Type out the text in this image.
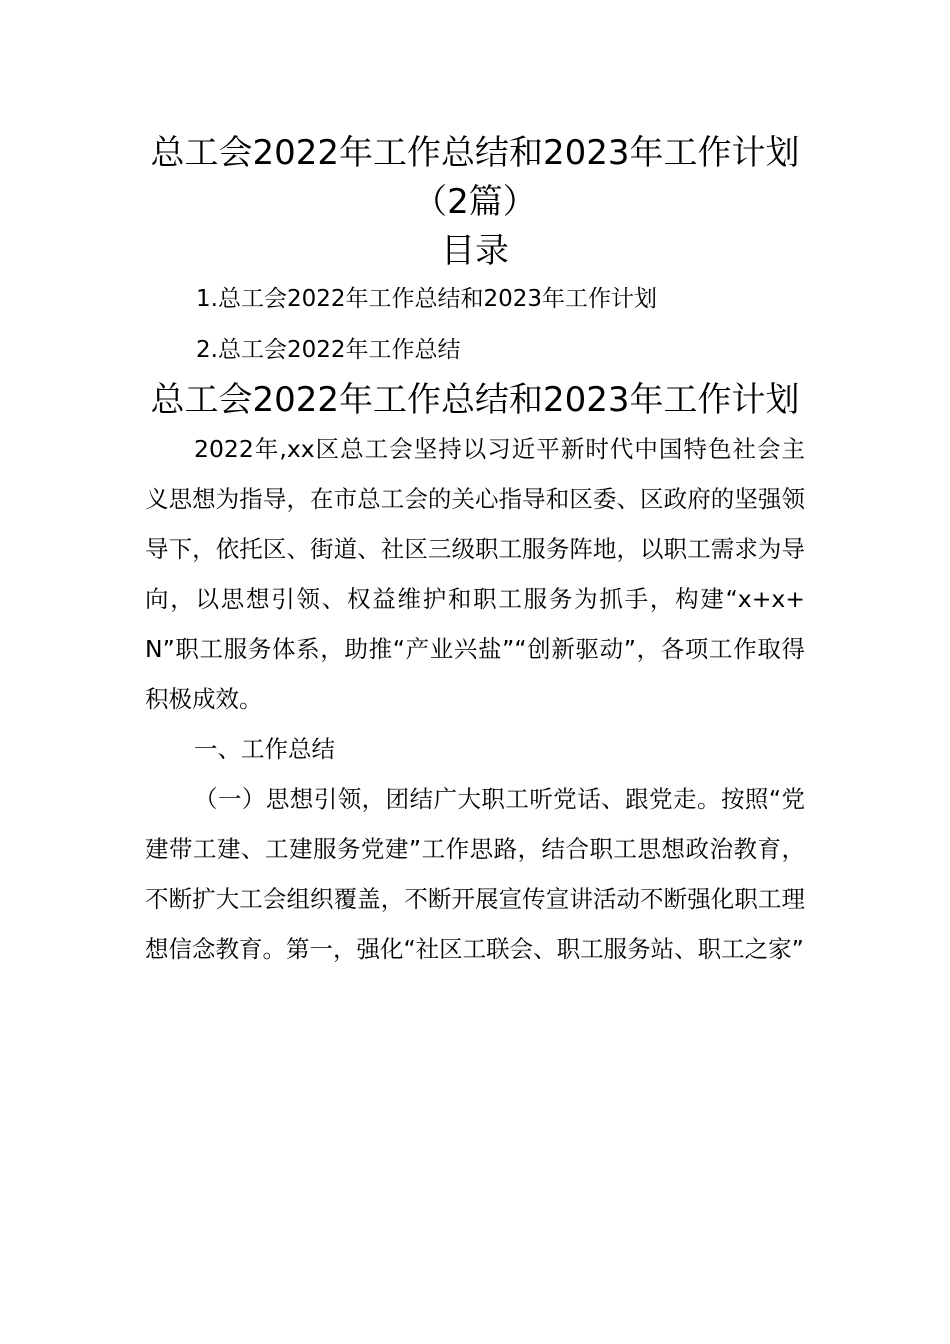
总工会2022年工作总结和2023年工作计划
（2篇）
目录

1.总工会2022年工作总结和2023年工作计划

2.总工会2022年工作总结

总工会2022年工作总结和2023年工作计划

2022年,xx区总工会坚持以习近平新时代中国特色社会主义思想为指导，在市总工会的关心指导和区委、区政府的坚强领导下，依托区、街道、社区三级职工服务阵地，以职工需求为导向，以思想引领、权益维护和职工服务为抓手，构建“x+x+N”职工服务体系，助推“产业兴盐”“创新驱动”，各项工作取得积极成效。

一、工作总结

（一）思想引领，团结广大职工听党话、跟党走。按照“党建带工建、工建服务党建”工作思路，结合职工思想政治教育，不断扩大工会组织覆盖，不断开展宣传宣讲活动不断强化职工理想信念教育。第一，强化“社区工联会、职工服务站、职工之家”
